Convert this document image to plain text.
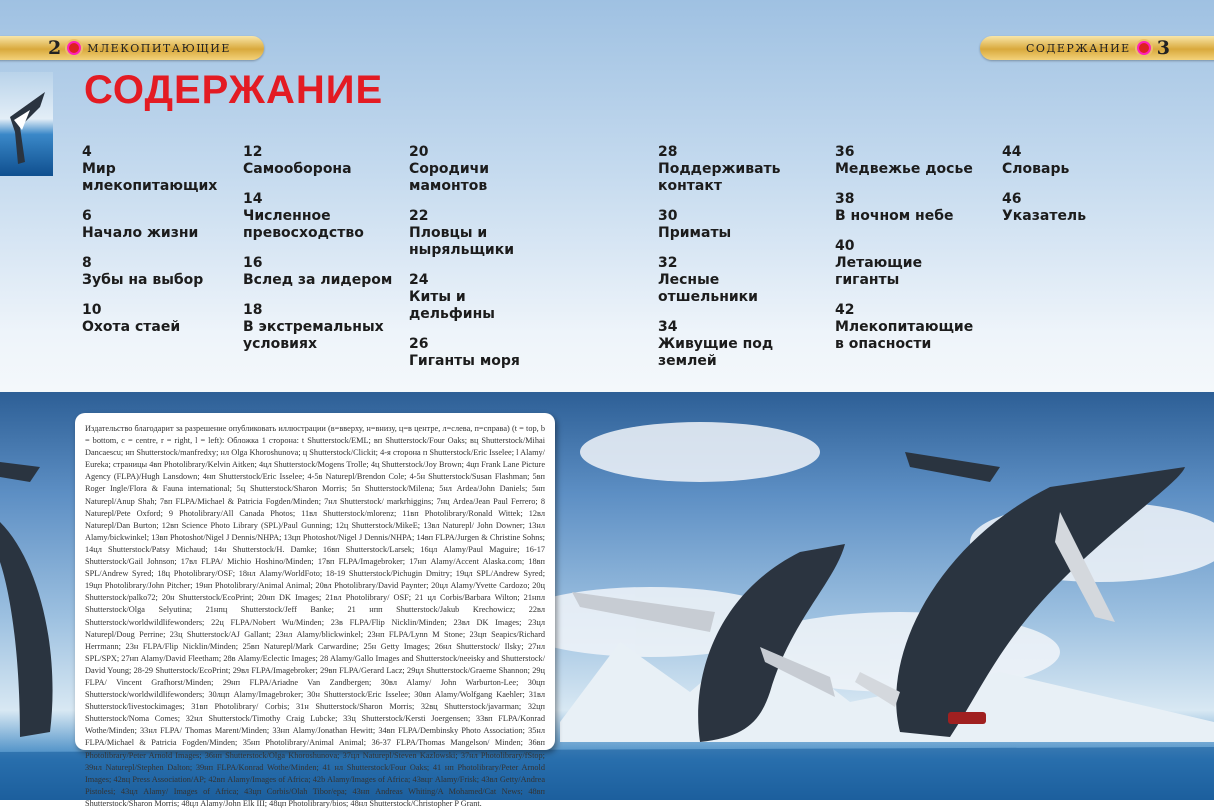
2 МЛЕКОПИТАЮЩИЕ	СОДЕРЖАНИЕ 3
СОДЕРЖАНИЕ
4
Мир млекопитающих
6
Начало жизни
8
Зубы на выбор
10
Охота стаей
12
Самооборона
14
Численное превосходство
16
Вслед за лидером
18
В экстремальных условиях
20
Сородичи мамонтов
22
Пловцы и ныряльщики
24
Киты и дельфины
26
Гиганты моря
28
Поддерживать контакт
30
Приматы
32
Лесные отшельники
34
Живущие под землей
36
Медвежье досье
38
В ночном небе
40
Летающие гиганты
42
Млекопитающие в опасности
44
Словарь
46
Указатель
Издательство благодарит за разрешение опубликовать иллюстрации (в=вверху, н=внизу, ц=в центре, л=слева, п=справа) (t = top, b = bottom, c = centre, r = right, l = left): Обложка 1 сторона: t Shutterstock/EML; вп Shutterstock/Four Oaks; вц Shutterstock/Mihai Dancaescu; нп Shutterstock/manfredxy; нл Olga Khoroshunova; ц Shutterstock/Clickit; 4-я сторона п Shutterstock/Eric Isselee; l Alamy/ Eureka; страницы 4вп Photolibrary/Kelvin Aitken; 4цл Shutterstock/Mogens Trolle; 4ц Shutterstock/Joy Brown; 4цп Frank Lane Picture Agency (FLPA)/Hugh Lansdown; 4нп Shutterstock/Eric Isselee; 4-5в Naturepl/Brendon Cole; 4-5н Shutterstock/Susan Flashman; 5вп Roger Ingle/Flora & Fauna international; 5ц Shutterstock/Sharon Morris; 5п Shutterstock/Milena; 5нл Ardea/John Daniels; 5нп Naturepl/Anup Shah; 7вп FLPA/Michael & Patricia Fogden/Minden; 7нл Shutterstock/ markrhiggins; 7нц Ardea/Jean Paul Ferrero; 8 Naturepl/Pete Oxford; 9 Photolibrary/All Canada Photos; 11вл Shutterstock/mlorenz; 11вп Photolibrary/Ronald Wittek; 12вл Naturepl/Dan Burton; 12вп Science Photo Library (SPL)/Paul Gunning; 12ц Shutterstock/MikeE; 13вл Naturepl/ John Downer; 13нл Alamy/bickwinkel; 13вп Photoshot/Nigel J Dennis/NHPA; 13цп Photoshot/Nigel J Dennis/NHPA; 14вп FLPA/Jurgen & Christine Sohns; 14цл Shutterstock/Patsy Michaud; 14н Shutterstock/H. Damke; 16вп Shutterstock/Larsek; 16цл Alamy/Paul Maguire; 16-17 Shutterstock/Gail Johnson; 17вл FLPA/ Michio Hoshino/Minden; 17вп FLPA/Imagebroker; 17нп Alamy/Accent Alaska.com; 18вп SPL/Andrew Syred; 18ц Photolibrary/OSF; 18нл Alamy/WorldFoto; 18-19 Shutterstock/Pichugin Dmitry; 19цл SPL/Andrew Syred; 19цп Photolibrary/John Pitcher; 19нп Photolibrary/Animal Animal; 20вл Photolibrary/David Paynter; 20цл Alamy/Yvette Cardozo; 20ц Shutterstock/palko72; 20н Shutterstock/EcoPrint; 20нп DK Images; 21вл Photolibrary/ OSF; 21 цл Corbis/Barbara Wilton; 21нпл Shutterstock/Olga Selyutina; 21нпц Shutterstock/Jeff Banke; 21 нпп Shutterstock/Jakub Krechowicz; 22вл Shutterstock/worldwildlifewonders; 22ц FLPA/Nobert Wu/Minden; 23в FLPA/Flip Nicklin/Minden; 23вл DK Images; 23цл Naturepl/Doug Perrine; 23ц Shutterstock/AJ Gallant; 23нл Alamy/blickwinkel; 23нп FLPA/Lynn M Stone; 23цп Seapics/Richard Herrmann; 23н FLPA/Flip Nicklin/Minden; 25вп Naturepl/Mark Carwardine; 25н Getty Images; 26нл Shutterstock/ Ilsky; 27нл SPL/SPX; 27нп Alamy/David Fleetham; 28в Alamy/Eclectic Images; 28 Alamy/Gallo Images and Shutterstock/neeisky and Shutterstock/ David Young; 28-29 Shutterstock/EcoPrint; 29вл FLPA/Imagebroker; 29вп FLPA/Gerard Lacz; 29цл Shutterstock/Graeme Shannon; 29ц FLPA/ Vincent Grafhorst/Minden; 29нп FLPA/Ariadne Van Zandbergen; 30вл Alamy/ John Warburton-Lee; 30цп Shutterstock/worldwildlifewonders; 30лцп Alamy/Imagebroker; 30н Shutterstock/Eric Isselee; 30вп Alamy/Wolfgang Kaehler; 31вл Shutterstock/livestockimages; 31вп Photolibrary/ Corbis; 31н Shutterstock/Sharon Morris; 32вц Shutterstock/javarman; 32цп Shutterstock/Noma Comes; 32нл Shutterstock/Timothy Craig Lubcke; 33ц Shutterstock/Kersti Joergensen; 33вп FLPA/Konrad Wothe/Minden; 33нл FLPA/ Thomas Marent/Minden; 33нп Alamy/Jonathan Hewitt; 34вп FLPA/Dembinsky Photo Association; 35нл FLPA/Michael & Patricia Fogden/Minden; 35нп Photolibrary/Animal Animal; 36-37 FLPA/Thomas Mangelson/ Minden; 36вп Photolibrary/Peter Arnold Images; 36нп Shutterstock/Olga Khoroshunova; 37цл Naturepl/Steven Kazlowski; 37нл Photolibrary/fStop; 39нл Naturepl/Stephen Dalton; 39нп FLPA/Konrad Wothe/Minden; 41 нл Shutterstock/Four Oaks; 41 нп Photolibrary/Peter Arnold Images; 42вц Press Association/AP; 42вп Alamy/Images of Africa; 42b Alamy/Images of Africa; 43вцг Alamy/Frisk; 43вл Getty/Andrea Pistolesi; 43цл Alamy/ Images of Africa; 43цп Corbis/Olah Tibor/epa; 43нп Andreas Whiting/A Mohamed/Cat News; 48вп Shutterstock/Sharon Morris; 48цл Alamy/John Elk III; 48цп Photolibrary/bios; 48нл Shutterstock/Christopher P Grant.
